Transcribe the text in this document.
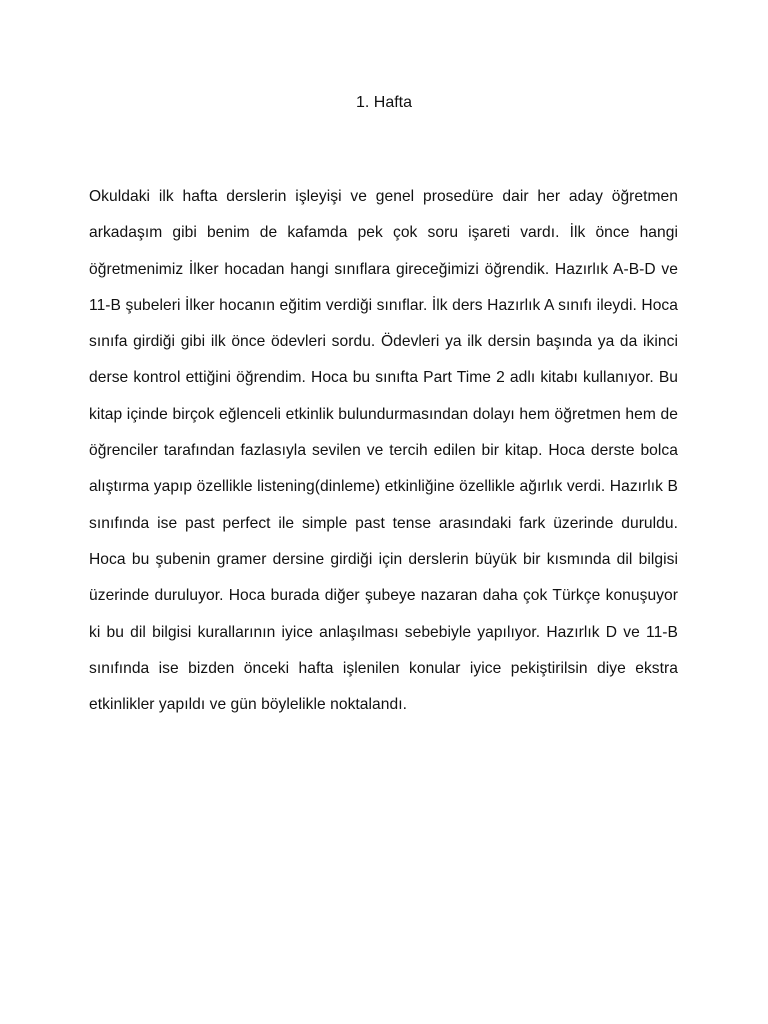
1. Hafta

Okuldaki ilk hafta derslerin işleyişi ve genel prosedüre dair her aday öğretmen arkadaşım gibi benim de kafamda pek çok soru işareti vardı. İlk önce hangi öğretmenimiz İlker hocadan hangi sınıflara gireceğimizi öğrendik. Hazırlık A-B-D ve 11-B şubeleri İlker hocanın eğitim verdiği sınıflar. İlk ders Hazırlık A sınıfı ileydi. Hoca sınıfa girdiği gibi ilk önce ödevleri sordu. Ödevleri ya ilk dersin başında ya da ikinci derse kontrol ettiğini öğrendim. Hoca bu sınıfta Part Time 2 adlı kitabı kullanıyor. Bu kitap içinde birçok eğlenceli etkinlik bulundurmasından dolayı hem öğretmen hem de öğrenciler tarafından fazlasıyla sevilen ve tercih edilen bir kitap. Hoca derste bolca alıştırma yapıp özellikle listening(dinleme) etkinliğine özellikle ağırlık verdi. Hazırlık B sınıfında ise past perfect ile simple past tense arasındaki fark üzerinde duruldu. Hoca bu şubenin gramer dersine girdiği için derslerin büyük bir kısmında dil bilgisi üzerinde duruluyor. Hoca burada diğer şubeye nazaran daha çok Türkçe konuşuyor ki bu dil bilgisi kurallarının iyice anlaşılması sebebiyle yapılıyor. Hazırlık D ve 11-B sınıfında ise bizden önceki hafta işlenilen konular iyice pekiştirilsin diye ekstra etkinlikler yapıldı ve gün böylelikle noktalandı.
